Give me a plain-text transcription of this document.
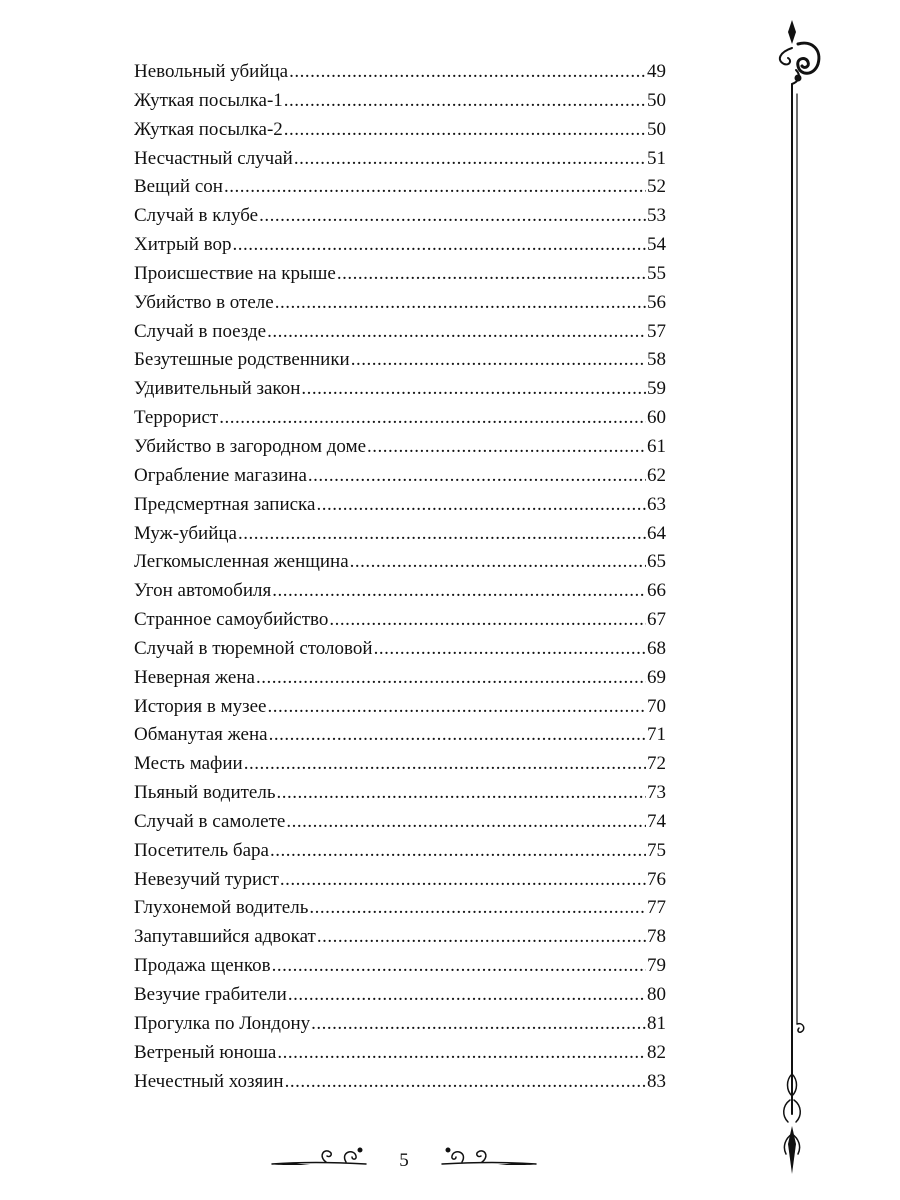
Невольный убийца .....	49
Жуткая посылка-1 .....	50
Жуткая посылка-2 .....	50
Несчастный случай .....	51
Вещий сон .....	52
Случай в клубе .....	53
Хитрый вор .....	54
Происшествие на крыше .....	55
Убийство в отеле .....	56
Случай в поезде .....	57
Безутешные родственники .....	58
Удивительный закон .....	59
Террорист .....	60
Убийство в загородном доме .....	61
Ограбление магазина .....	62
Предсмертная записка .....	63
Муж-убийца .....	64
Легкомысленная женщина .....	65
Угон автомобиля .....	66
Странное самоубийство .....	67
Случай в тюремной столовой .....	68
Неверная жена .....	69
История в музее .....	70
Обманутая жена .....	71
Месть мафии .....	72
Пьяный водитель .....	73
Случай в самолете .....	74
Посетитель бара .....	75
Невезучий турист .....	76
Глухонемой водитель .....	77
Запутавшийся адвокат .....	78
Продажа щенков .....	79
Везучие грабители .....	80
Прогулка по Лондону .....	81
Ветреный юноша .....	82
Нечестный хозяин .....	83
5
